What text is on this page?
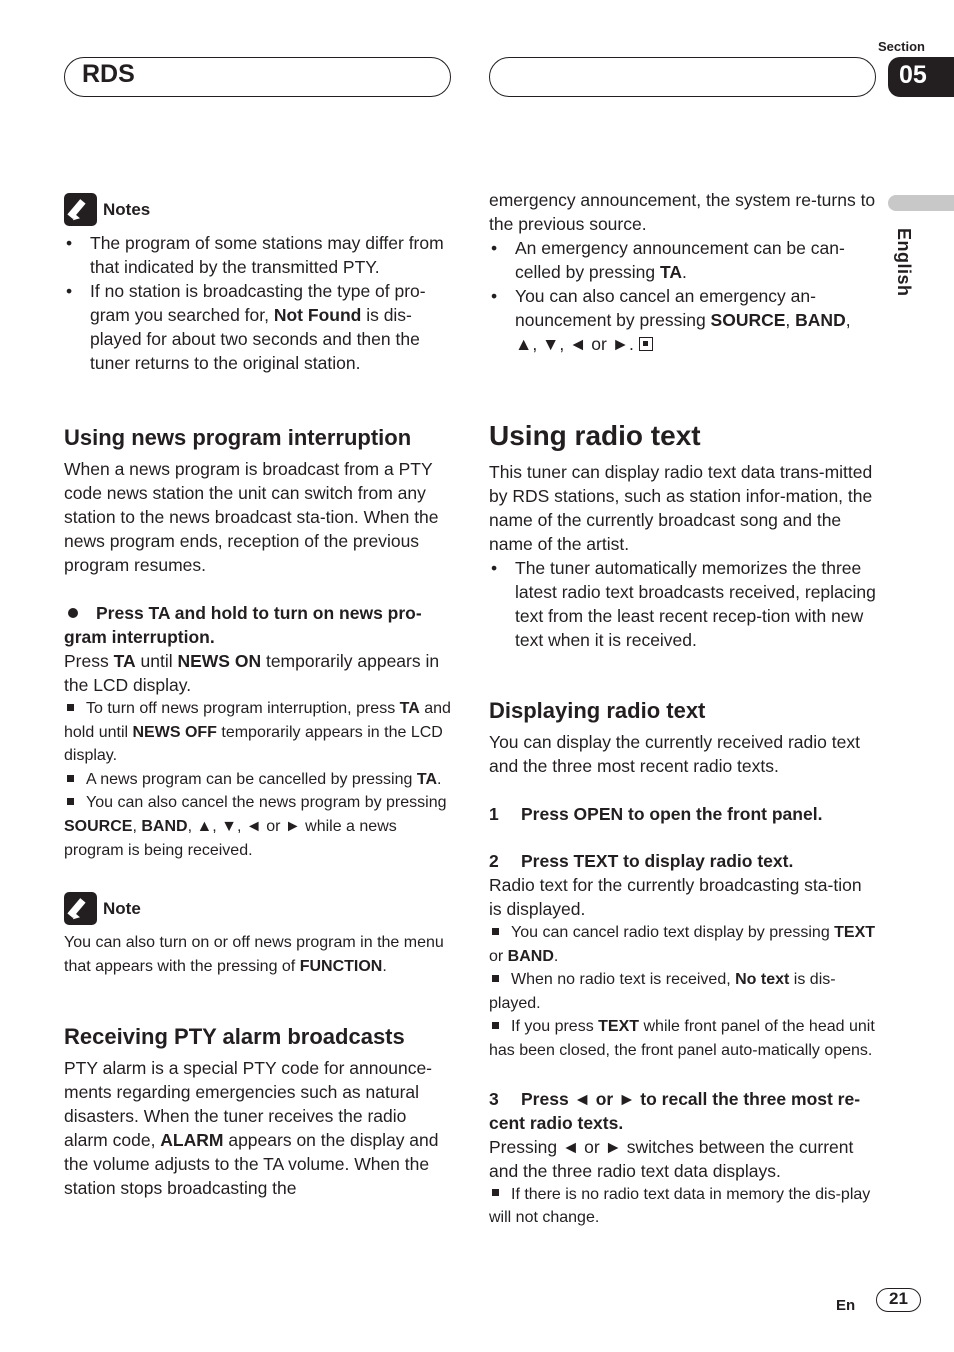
RDS
Section
05
English
Notes

• The program of some stations may differ from that indicated by the transmitted PTY.

• If no station is broadcasting the type of pro-gram you searched for, Not Found is dis-played for about two seconds and then the tuner returns to the original station.

Using news program interruption

When a news program is broadcast from a PTY code news station the unit can switch from any station to the news broadcast sta-tion. When the news program ends, reception of the previous program resumes.

Press TA and hold to turn on news pro-gram interruption.

Press TA until NEWS ON temporarily appears in the LCD display.

To turn off news program interruption, press TA and hold until NEWS OFF temporarily appears in the LCD display.

A news program can be cancelled by pressing TA.

You can also cancel the news program by pressing SOURCE, BAND, ▲, ▼, ◄ or ► while a news program is being received.

Note

You can also turn on or off news program in the menu that appears with the pressing of FUNCTION.

Receiving PTY alarm broadcasts

PTY alarm is a special PTY code for announce-ments regarding emergencies such as natural disasters. When the tuner receives the radio alarm code, ALARM appears on the display and the volume adjusts to the TA volume. When the station stops broadcasting the

emergency announcement, the system re-turns to the previous source.

• An emergency announcement can be can-celled by pressing TA.

• You can also cancel an emergency an-nouncement by pressing SOURCE, BAND, ▲, ▼, ◄ or ►.

Using radio text

This tuner can display radio text data trans-mitted by RDS stations, such as station infor-mation, the name of the currently broadcast song and the name of the artist.

• The tuner automatically memorizes the three latest radio text broadcasts received, replacing text from the least recent recep-tion with new text when it is received.

Displaying radio text

You can display the currently received radio text and the three most recent radio texts.

1 Press OPEN to open the front panel.

2 Press TEXT to display radio text.

Radio text for the currently broadcasting sta-tion is displayed.

You can cancel radio text display by pressing TEXT or BAND.

When no radio text is received, No text is dis-played.

If you press TEXT while front panel of the head unit has been closed, the front panel auto-matically opens.

3 Press ◄ or ► to recall the three most re-cent radio texts.

Pressing ◄ or ► switches between the current and the three radio text data displays.

If there is no radio text data in memory the dis-play will not change.

En	21
